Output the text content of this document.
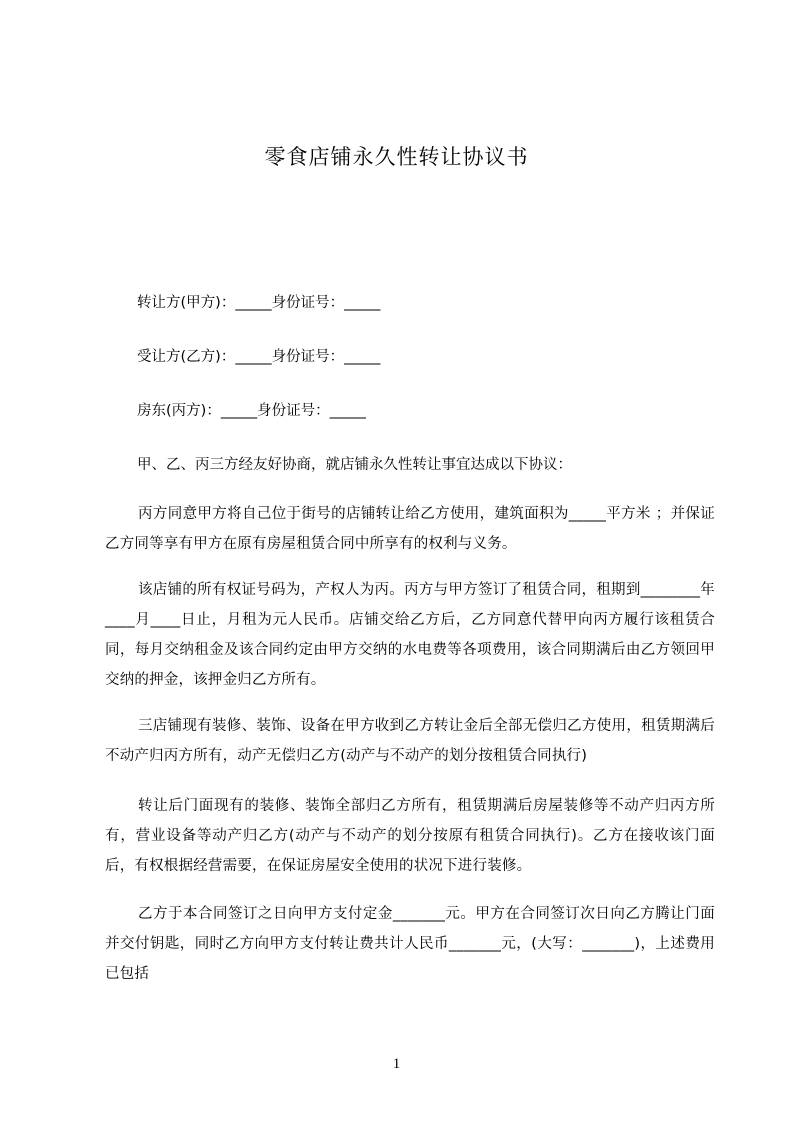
零食店铺永久性转让协议书
转让方(甲方)：_____身份证号：_____
受让方(乙方)：_____身份证号：_____
房东(丙方)：_____身份证号：_____
甲、乙、丙三方经友好协商，就店铺永久性转让事宜达成以下协议：
丙方同意甲方将自己位于街号的店铺转让给乙方使用，建筑面积为_____平方米 ；并保证乙方同等享有甲方在原有房屋租赁合同中所享有的权利与义务。
该店铺的所有权证号码为，产权人为丙。丙方与甲方签订了租赁合同，租期到________年____月____日止，月租为元人民币。店铺交给乙方后，乙方同意代替甲向丙方履行该租赁合同，每月交纳租金及该合同约定由甲方交纳的水电费等各项费用，该合同期满后由乙方领回甲交纳的押金，该押金归乙方所有。
三店铺现有装修、装饰、设备在甲方收到乙方转让金后全部无偿归乙方使用，租赁期满后不动产归丙方所有，动产无偿归乙方(动产与不动产的划分按租赁合同执行)
转让后门面现有的装修、装饰全部归乙方所有，租赁期满后房屋装修等不动产归丙方所有，营业设备等动产归乙方(动产与不动产的划分按原有租赁合同执行)。乙方在接收该门面后，有权根据经营需要，在保证房屋安全使用的状况下进行装修。
乙方于本合同签订之日向甲方支付定金_______元。甲方在合同签订次日向乙方腾让门面并交付钥匙，同时乙方向甲方支付转让费共计人民币_______元，(大写：_______)，上述费用已包括
1
